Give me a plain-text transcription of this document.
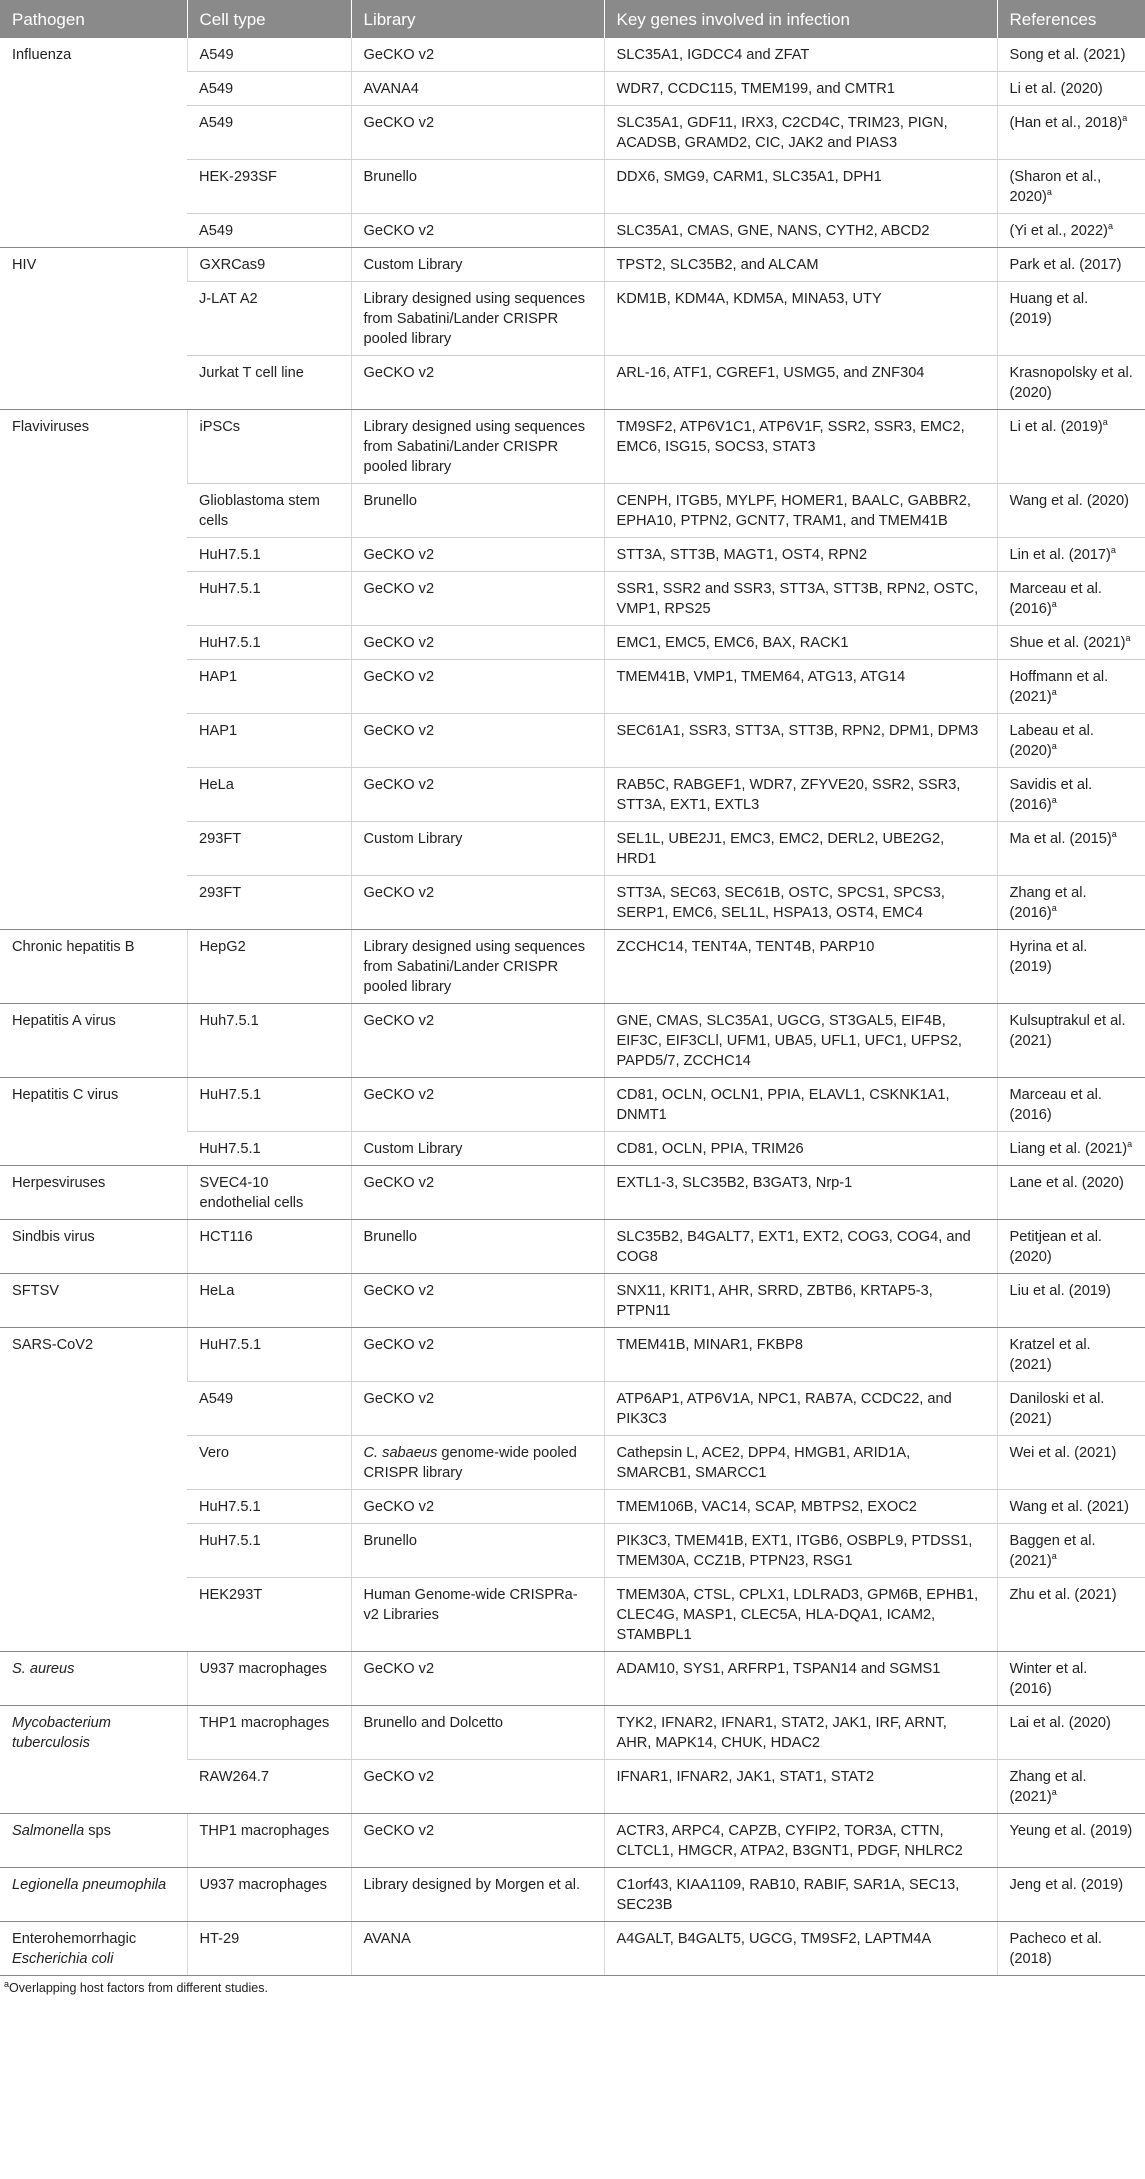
Pathogen	Cell type	Library	Key genes involved in infection	References
Influenza	A549	GeCKO v2	SLC35A1, IGDCC4 and ZFAT	Song et al. (2021)
	A549	AVANA4	WDR7, CCDC115, TMEM199, and CMTR1	Li et al. (2020)
	A549	GeCKO v2	SLC35A1, GDF11, IRX3, C2CD4C, TRIM23, PIGN, ACADSB, GRAMD2, CIC, JAK2 and PIAS3	(Han et al., 2018)$^a$
	HEK-293SF	Brunello	DDX6, SMG9, CARM1, SLC35A1, DPH1	(Sharon et al., 2020)$^a$
	A549	GeCKO v2	SLC35A1, CMAS, GNE, NANS, CYTH2, ABCD2	(Yi et al., 2022)$^a$
HIV	GXRCas9	Custom Library	TPST2, SLC35B2, and ALCAM	Park et al. (2017)
	J-LAT A2	Library designed using sequences from Sabatini/Lander CRISPR pooled library	KDM1B, KDM4A, KDM5A, MINA53, UTY	Huang et al. (2019)
	Jurkat T cell line	GeCKO v2	ARL-16, ATF1, CGREF1, USMG5, and ZNF304	Krasnopolsky et al. (2020)
Flaviviruses	iPSCs	Library designed using sequences from Sabatini/Lander CRISPR pooled library	TM9SF2, ATP6V1C1, ATP6V1F, SSR2, SSR3, EMC2, EMC6, ISG15, SOCS3, STAT3	Li et al. $(2019)^a$
	Glioblastoma stem cells	Brunello	CENPH, ITGB5, MYLPF, HOMER1, BAALC, GABBR2, EPHA10, PTPN2, GCNT7, TRAM1, and TMEM41B	Wang et al. (2020)
	HuH7.5.1	GeCKO v2	STT3A, STT3B, MAGT1, OST4, RPN2	Lin et al. $(2017)^a$
	HuH7.5.1	GeCKO v2	SSR1, SSR2 and SSR3, STT3A, STT3B, RPN2, OSTC, VMP1, RPS25	Marceau et al. $(2016)^a$
	HuH7.5.1	GeCKO v2	EMC1, EMC5, EMC6, BAX, RACK1	Shue et al. $(2021)^a$
	HAP1	GeCKO v2	TMEM41B, VMP1, TMEM64, ATG13, ATG14	Hoffmann et al. $(2021)^a$
	HAP1	GeCKO v2	SEC61A1, SSR3, STT3A, STT3B, RPN2, DPM1, DPM3	Labeau et al. $(2020)^a$
	HeLa	GeCKO v2	RAB5C, RABGEF1, WDR7, ZFYVE20, SSR2, SSR3, STT3A, EXT1, EXTL3	Savidis et al. $(2016)^a$
	293FT	Custom Library	SEL1L, UBE2J1, EMC3, EMC2, DERL2, UBE2G2, HRD1	Ma et al. $(2015)^a$
	293FT	GeCKO v2	STT3A, SEC63, SEC61B, OSTC, SPCS1, SPCS3, SERP1, EMC6, SEL1L, HSPA13, OST4, EMC4	Zhang et al. $(2016)^a$
Chronic hepatitis B	HepG2	Library designed using sequences from Sabatini/Lander CRISPR pooled library	ZCCHC14, TENT4A, TENT4B, PARP10	Hyrina et al. (2019)
Hepatitis A virus	Huh7.5.1	GeCKO v2	GNE, CMAS, SLC35A1, UGCG, ST3GAL5, EIF4B, EIF3C, EIF3CLl, UFM1, UBA5, UFL1, UFC1, UFPS2, PAPD5/7, ZCCHC14	Kulsuptrakul et al. (2021)
Hepatitis C virus	HuH7.5.1	GeCKO v2	CD81, OCLN, OCLN1, PPIA, ELAVL1, CSKNK1A1, DNMT1	Marceau et al. (2016)
	HuH7.5.1	Custom Library	CD81, OCLN, PPIA, TRIM26	Liang et al. $(2021)^a$
Herpesviruses	SVEC4-10 endothelial cells	GeCKO v2	EXTL1-3, SLC35B2, B3GAT3, Nrp-1	Lane et al. (2020)
Sindbis virus	HCT116	Brunello	SLC35B2, B4GALT7, EXT1, EXT2, COG3, COG4, and COG8	Petitjean et al. (2020)
SFTSV	HeLa	GeCKO v2	SNX11, KRIT1, AHR, SRRD, ZBTB6, KRTAP5-3, PTPN11	Liu et al. (2019)
SARS-CoV2	HuH7.5.1	GeCKO v2	TMEM41B, MINAR1, FKBP8	Kratzel et al. (2021)
	A549	GeCKO v2	ATP6AP1, ATP6V1A, NPC1, RAB7A, CCDC22, and PIK3C3	Daniloski et al. (2021)
	Vero	C. sabaeus genome-wide pooled CRISPR library	Cathepsin L, ACE2, DPP4, HMGB1, ARID1A, SMARCB1, SMARCC1	Wei et al. (2021)
	HuH7.5.1	GeCKO v2	TMEM106B, VAC14, SCAP, MBTPS2, EXOC2	Wang et al. (2021)
	HuH7.5.1	Brunello	PIK3C3, TMEM41B, EXT1, ITGB6, OSBPL9, PTDSS1, TMEM30A, CCZ1B, PTPN23, RSG1	Baggen et al. $(2021)^a$
	HEK293T	Human Genome-wide CRISPRa-v2 Libraries	TMEM30A, CTSL, CPLX1, LDLRAD3, GPM6B, EPHB1, CLEC4G, MASP1, CLEC5A, HLA-DQA1, ICAM2, STAMBPL1	Zhu et al. (2021)
S. aureus	U937 macrophages	GeCKO v2	ADAM10, SYS1, ARFRP1, TSPAN14 and SGMS1	Winter et al. (2016)
Mycobacterium tuberculosis	THP1 macrophages	Brunello and Dolcetto	TYK2, IFNAR2, IFNAR1, STAT2, JAK1, IRF, ARNT, AHR, MAPK14, CHUK, HDAC2	Lai et al. (2020)
	RAW264.7	GeCKO v2	IFNAR1, IFNAR2, JAK1, STAT1, STAT2	Zhang et al. $(2021)^a$
Salmonella sps	THP1 macrophages	GeCKO v2	ACTR3, ARPC4, CAPZB, CYFIP2, TOR3A, CTTN, CLTCL1, HMGCR, ATPA2, B3GNT1, PDGF, NHLRC2	Yeung et al. (2019)
Legionella pneumophila	U937 macrophages	Library designed by Morgen et al.	C1orf43, KIAA1109, RAB10, RABIF, SAR1A, SEC13, SEC23B	Jeng et al. (2019)
Enterohemorrhagic Escherichia coli	HT-29	AVANA	A4GALT, B4GALT5, UGCG, TM9SF2, LAPTM4A	Pacheco et al. (2018)
$^a$Overlapping host factors from different studies.
